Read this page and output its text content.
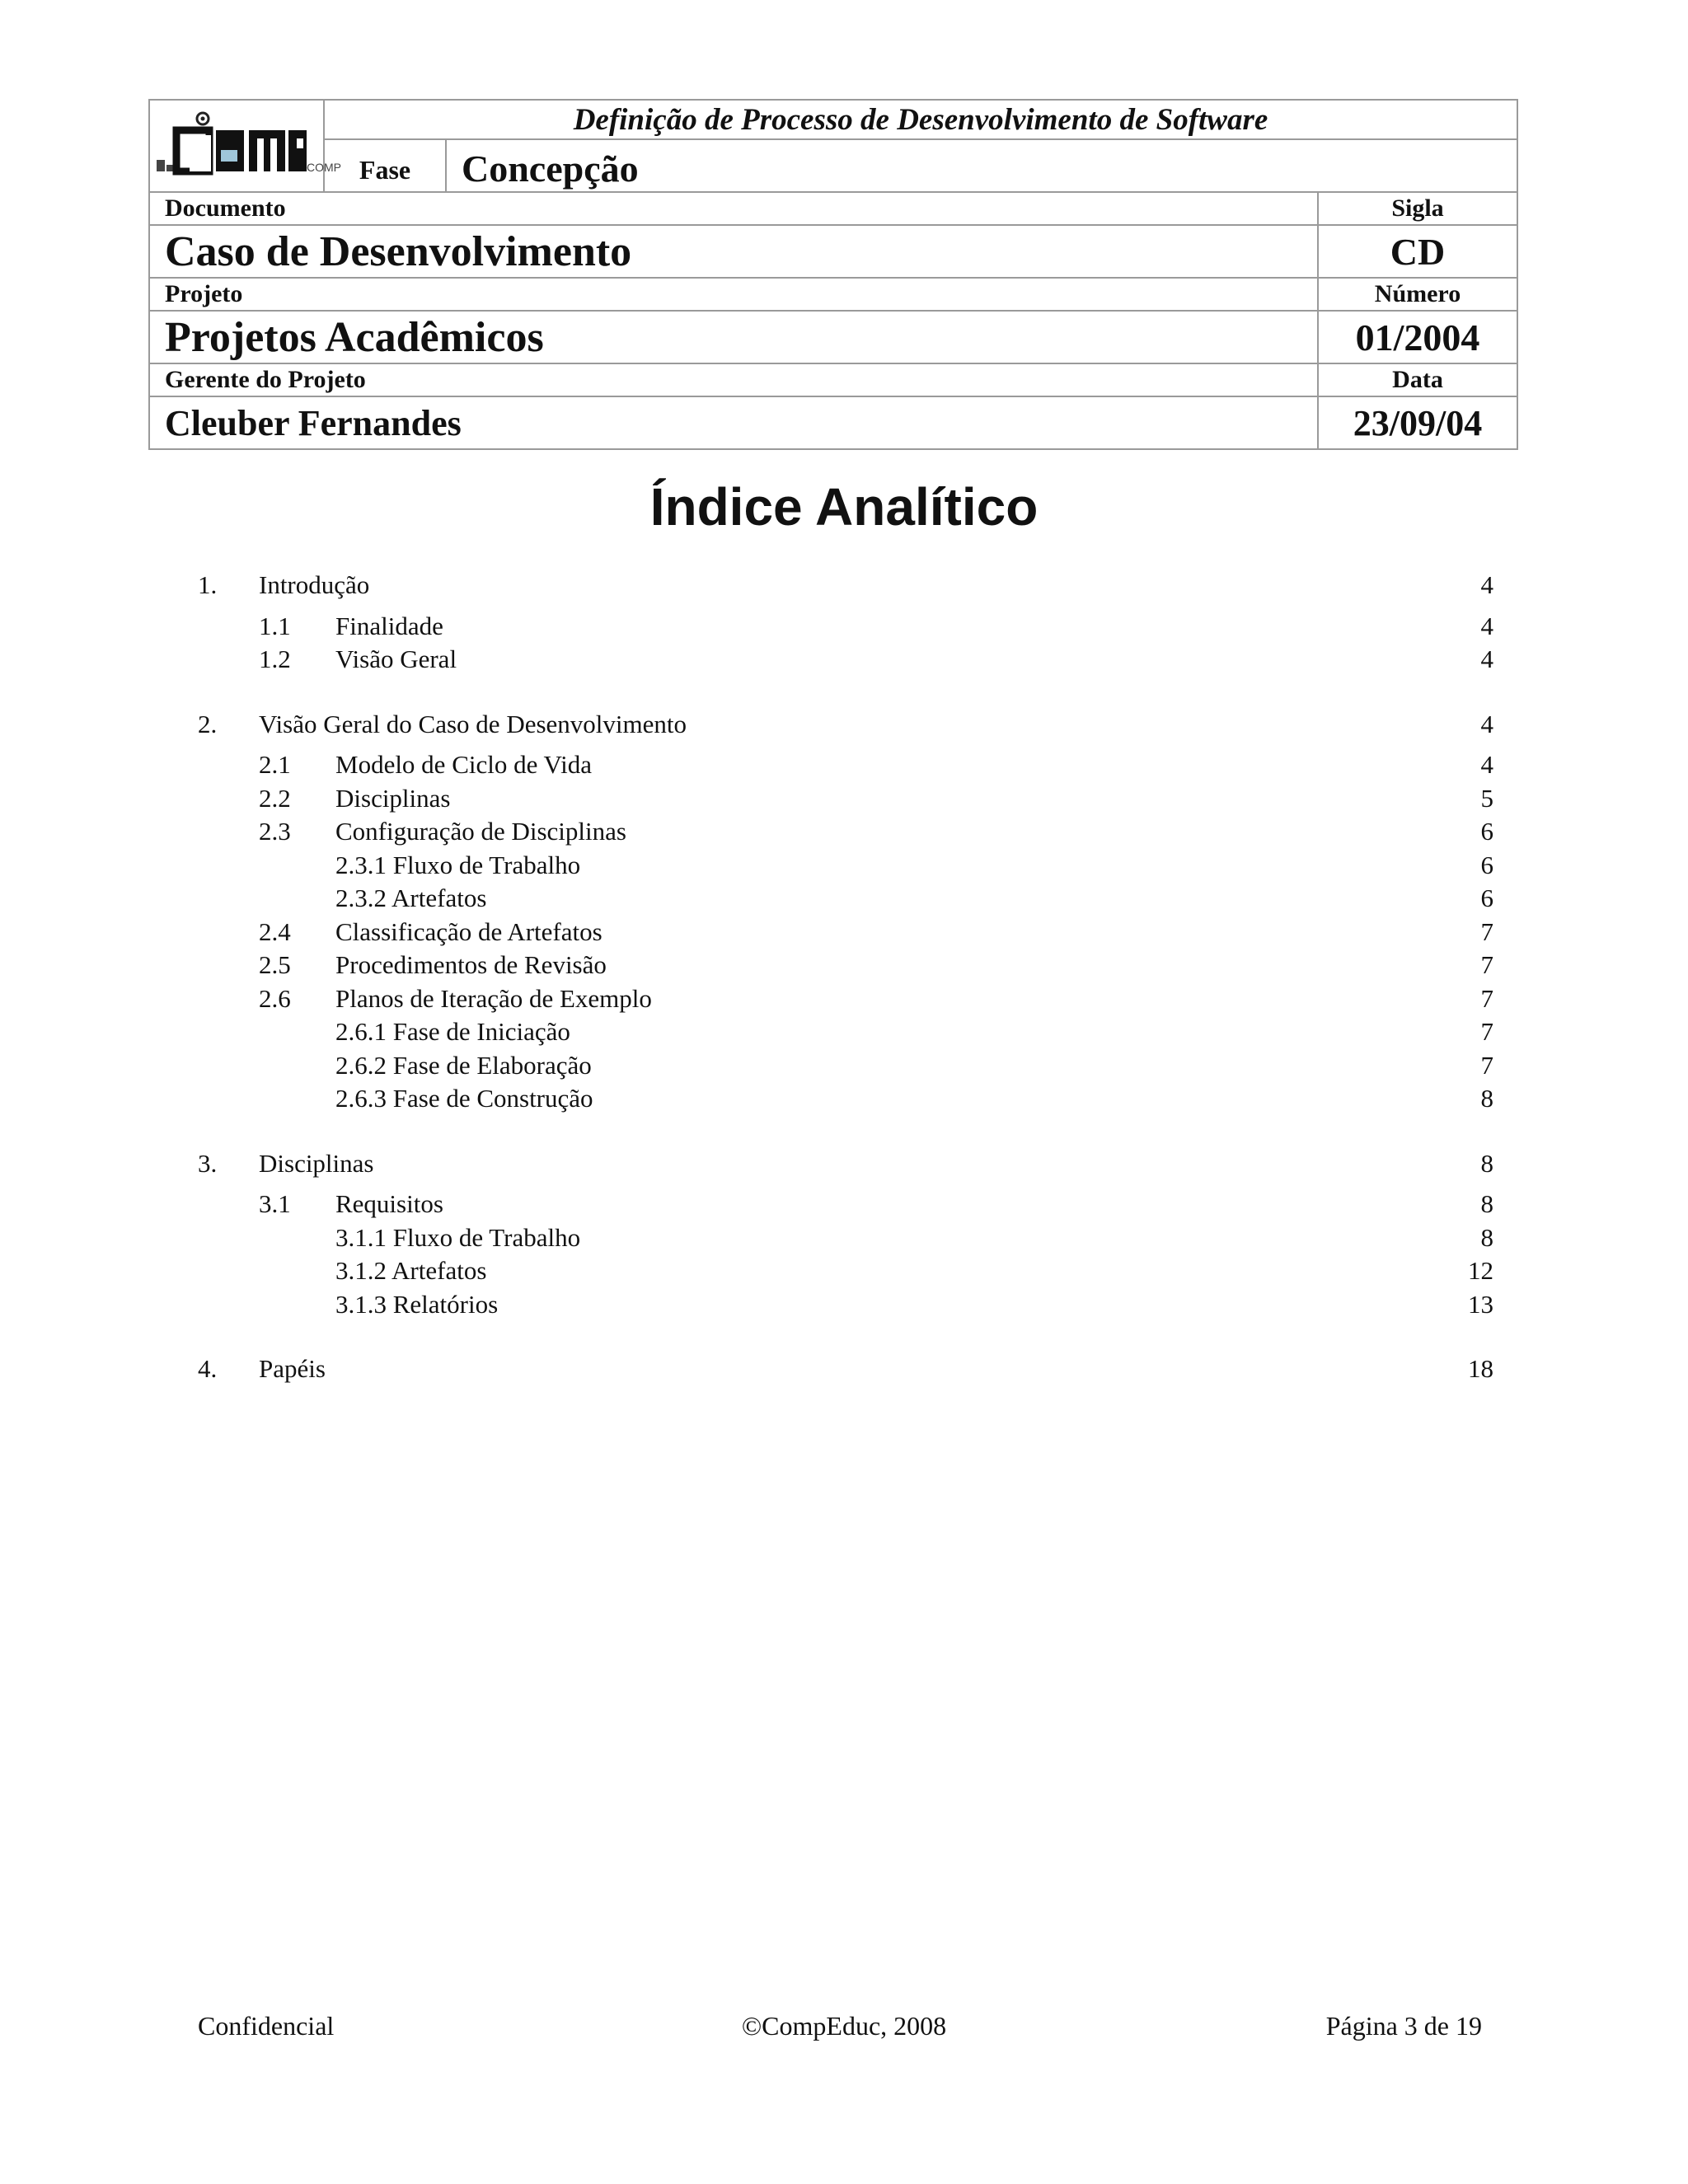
COMP
Definição de Processo de Desenvolvimento de Software
Fase	Concepção
Documento	Sigla
Caso de Desenvolvimento	CD
Projeto	Número
Projetos Acadêmicos	01/2004
Gerente do Projeto	Data
Cleuber Fernandes	23/09/04
Índice Analítico
1. Introdução	4
1.1 Finalidade	4
1.2 Visão Geral	4
2. Visão Geral do Caso de Desenvolvimento	4
2.1 Modelo de Ciclo de Vida	4
2.2 Disciplinas	5
2.3 Configuração de Disciplinas	6
2.3.1 Fluxo de Trabalho	6
2.3.2 Artefatos	6
2.4 Classificação de Artefatos	7
2.5 Procedimentos de Revisão	7
2.6 Planos de Iteração de Exemplo	7
2.6.1 Fase de Iniciação	7
2.6.2 Fase de Elaboração	7
2.6.3 Fase de Construção	8
3. Disciplinas	8
3.1 Requisitos	8
3.1.1 Fluxo de Trabalho	8
3.1.2 Artefatos	12
3.1.3 Relatórios	13
4. Papéis	18
Confidencial	©CompEduc, 2008	Página 3 de 19
